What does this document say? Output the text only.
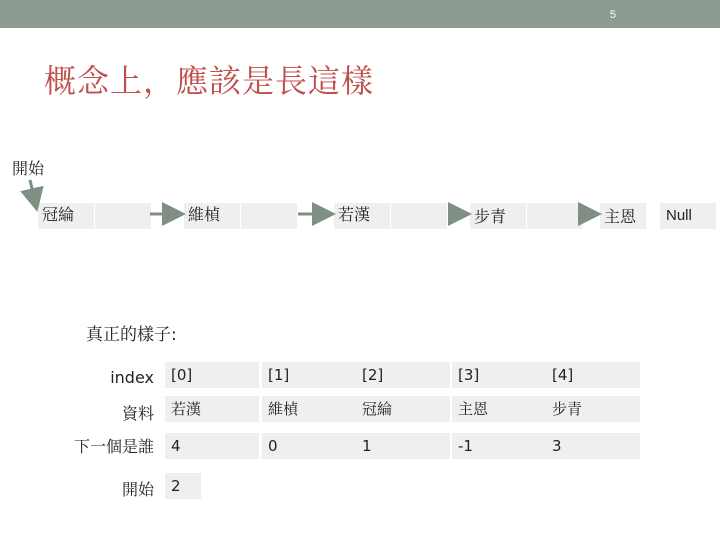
5
概念上，應該是長這樣
開始
冠綸	維楨	若漢	步青	主恩	Null
真正的樣子:
index	[0]	[1]	[2]	[3]	[4]
資料	若漢	維楨	冠綸	主恩	步青
下一個是誰	4	0	1	-1	3
開始	2
